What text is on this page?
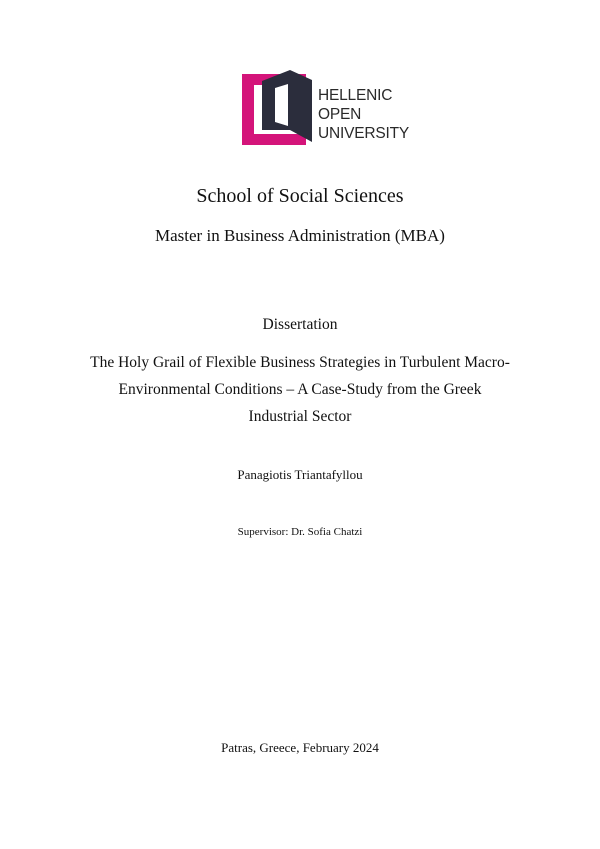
HELLENIC
OPEN
UNIVERSITY
School of Social Sciences
Master in Business Administration (MBA)
Dissertation
The Holy Grail of Flexible Business Strategies in Turbulent Macro-
Environmental Conditions – A Case-Study from the Greek
Industrial Sector
Panagiotis Triantafyllou
Supervisor: Dr. Sofia Chatzi
Patras, Greece, February 2024
